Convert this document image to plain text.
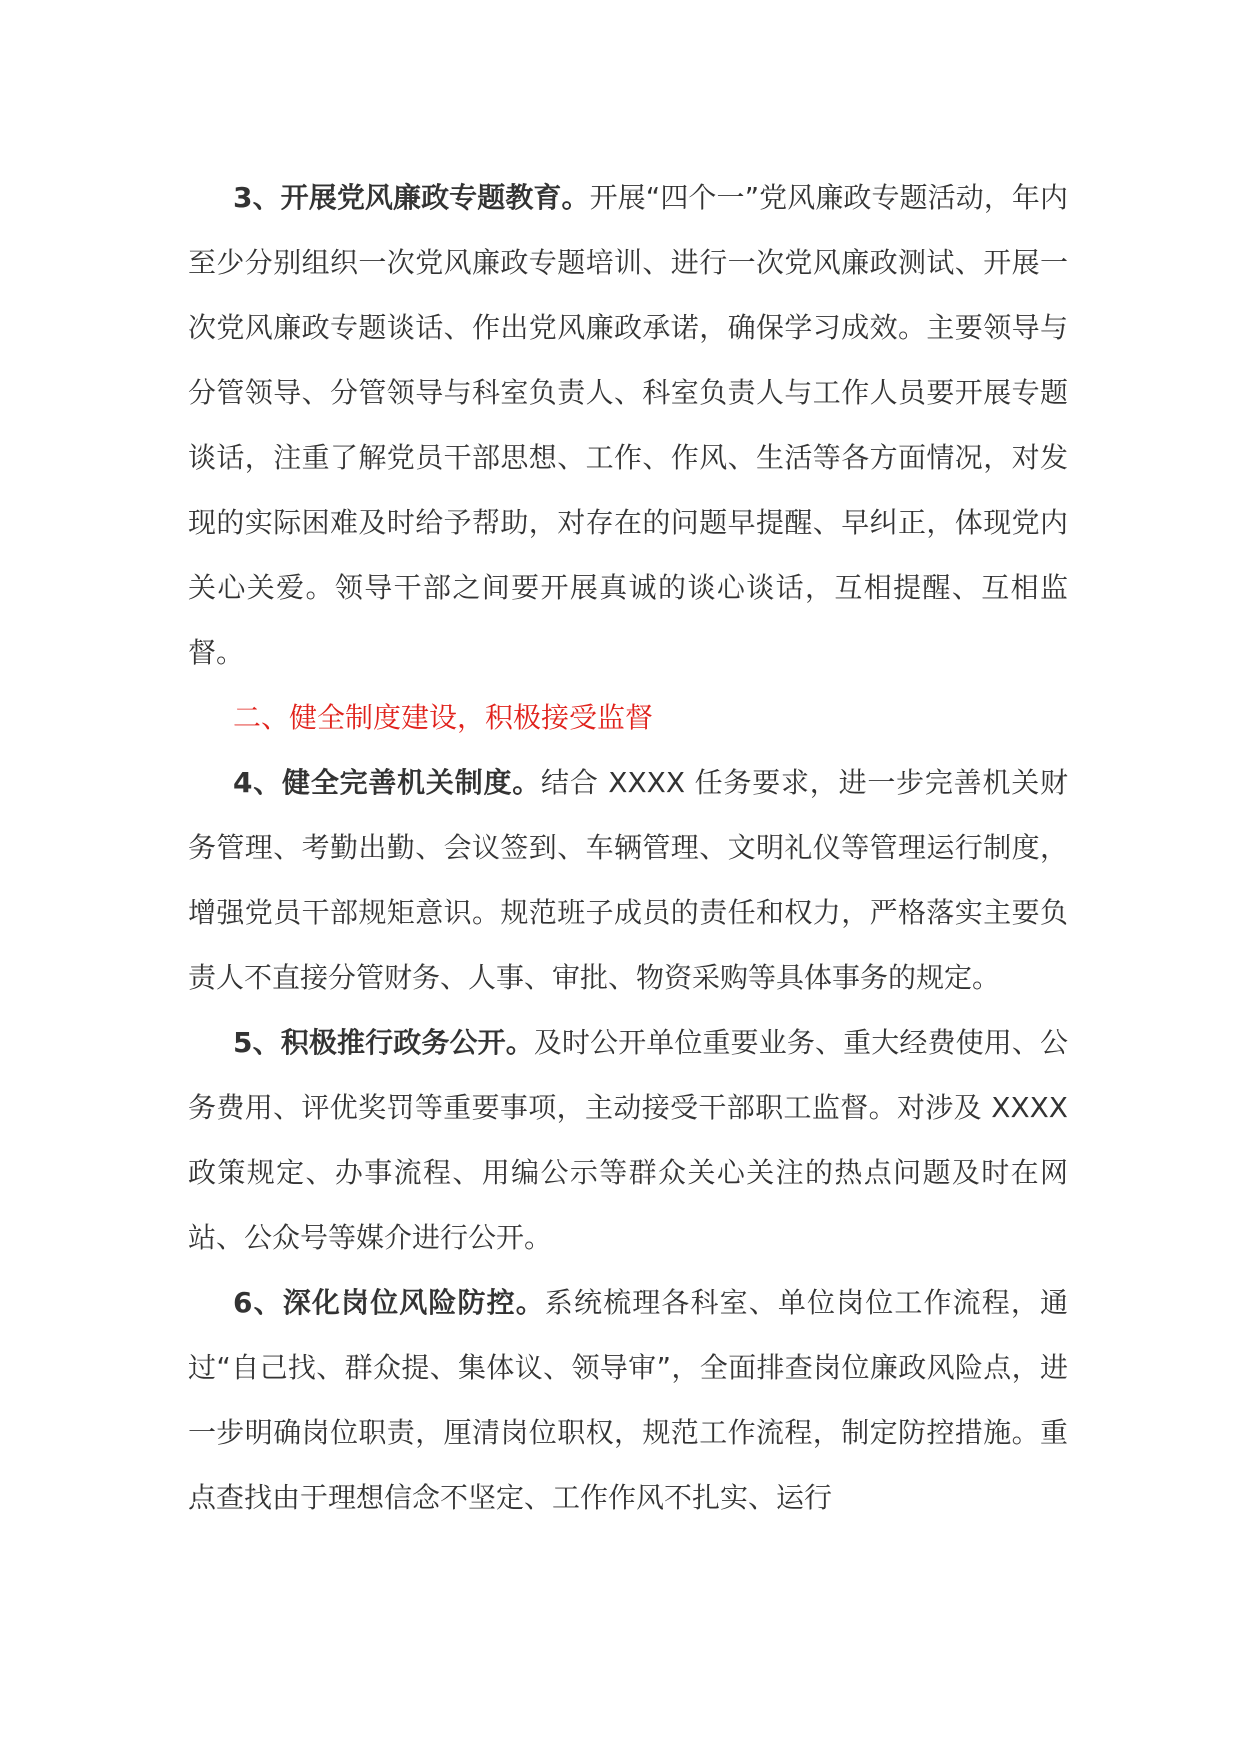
3、开展党风廉政专题教育。开展“四个一”党风廉政专题活动，年内至少分别组织一次党风廉政专题培训、进行一次党风廉政测试、开展一次党风廉政专题谈话、作出党风廉政承诺，确保学习成效。主要领导与分管领导、分管领导与科室负责人、科室负责人与工作人员要开展专题谈话，注重了解党员干部思想、工作、作风、生活等各方面情况，对发现的实际困难及时给予帮助，对存在的问题早提醒、早纠正，体现党内关心关爱。领导干部之间要开展真诚的谈心谈话，互相提醒、互相监督。

二、健全制度建设，积极接受监督

4、健全完善机关制度。结合 XXXX 任务要求，进一步完善机关财务管理、考勤出勤、会议签到、车辆管理、文明礼仪等管理运行制度，增强党员干部规矩意识。规范班子成员的责任和权力，严格落实主要负责人不直接分管财务、人事、审批、物资采购等具体事务的规定。

5、积极推行政务公开。及时公开单位重要业务、重大经费使用、公务费用、评优奖罚等重要事项，主动接受干部职工监督。对涉及 XXXX 政策规定、办事流程、用编公示等群众关心关注的热点问题及时在网站、公众号等媒介进行公开。

6、深化岗位风险防控。系统梳理各科室、单位岗位工作流程，通过“自己找、群众提、集体议、领导审”，全面排查岗位廉政风险点，进一步明确岗位职责，厘清岗位职权，规范工作流程，制定防控措施。重点查找由于理想信念不坚定、工作作风不扎实、运行
